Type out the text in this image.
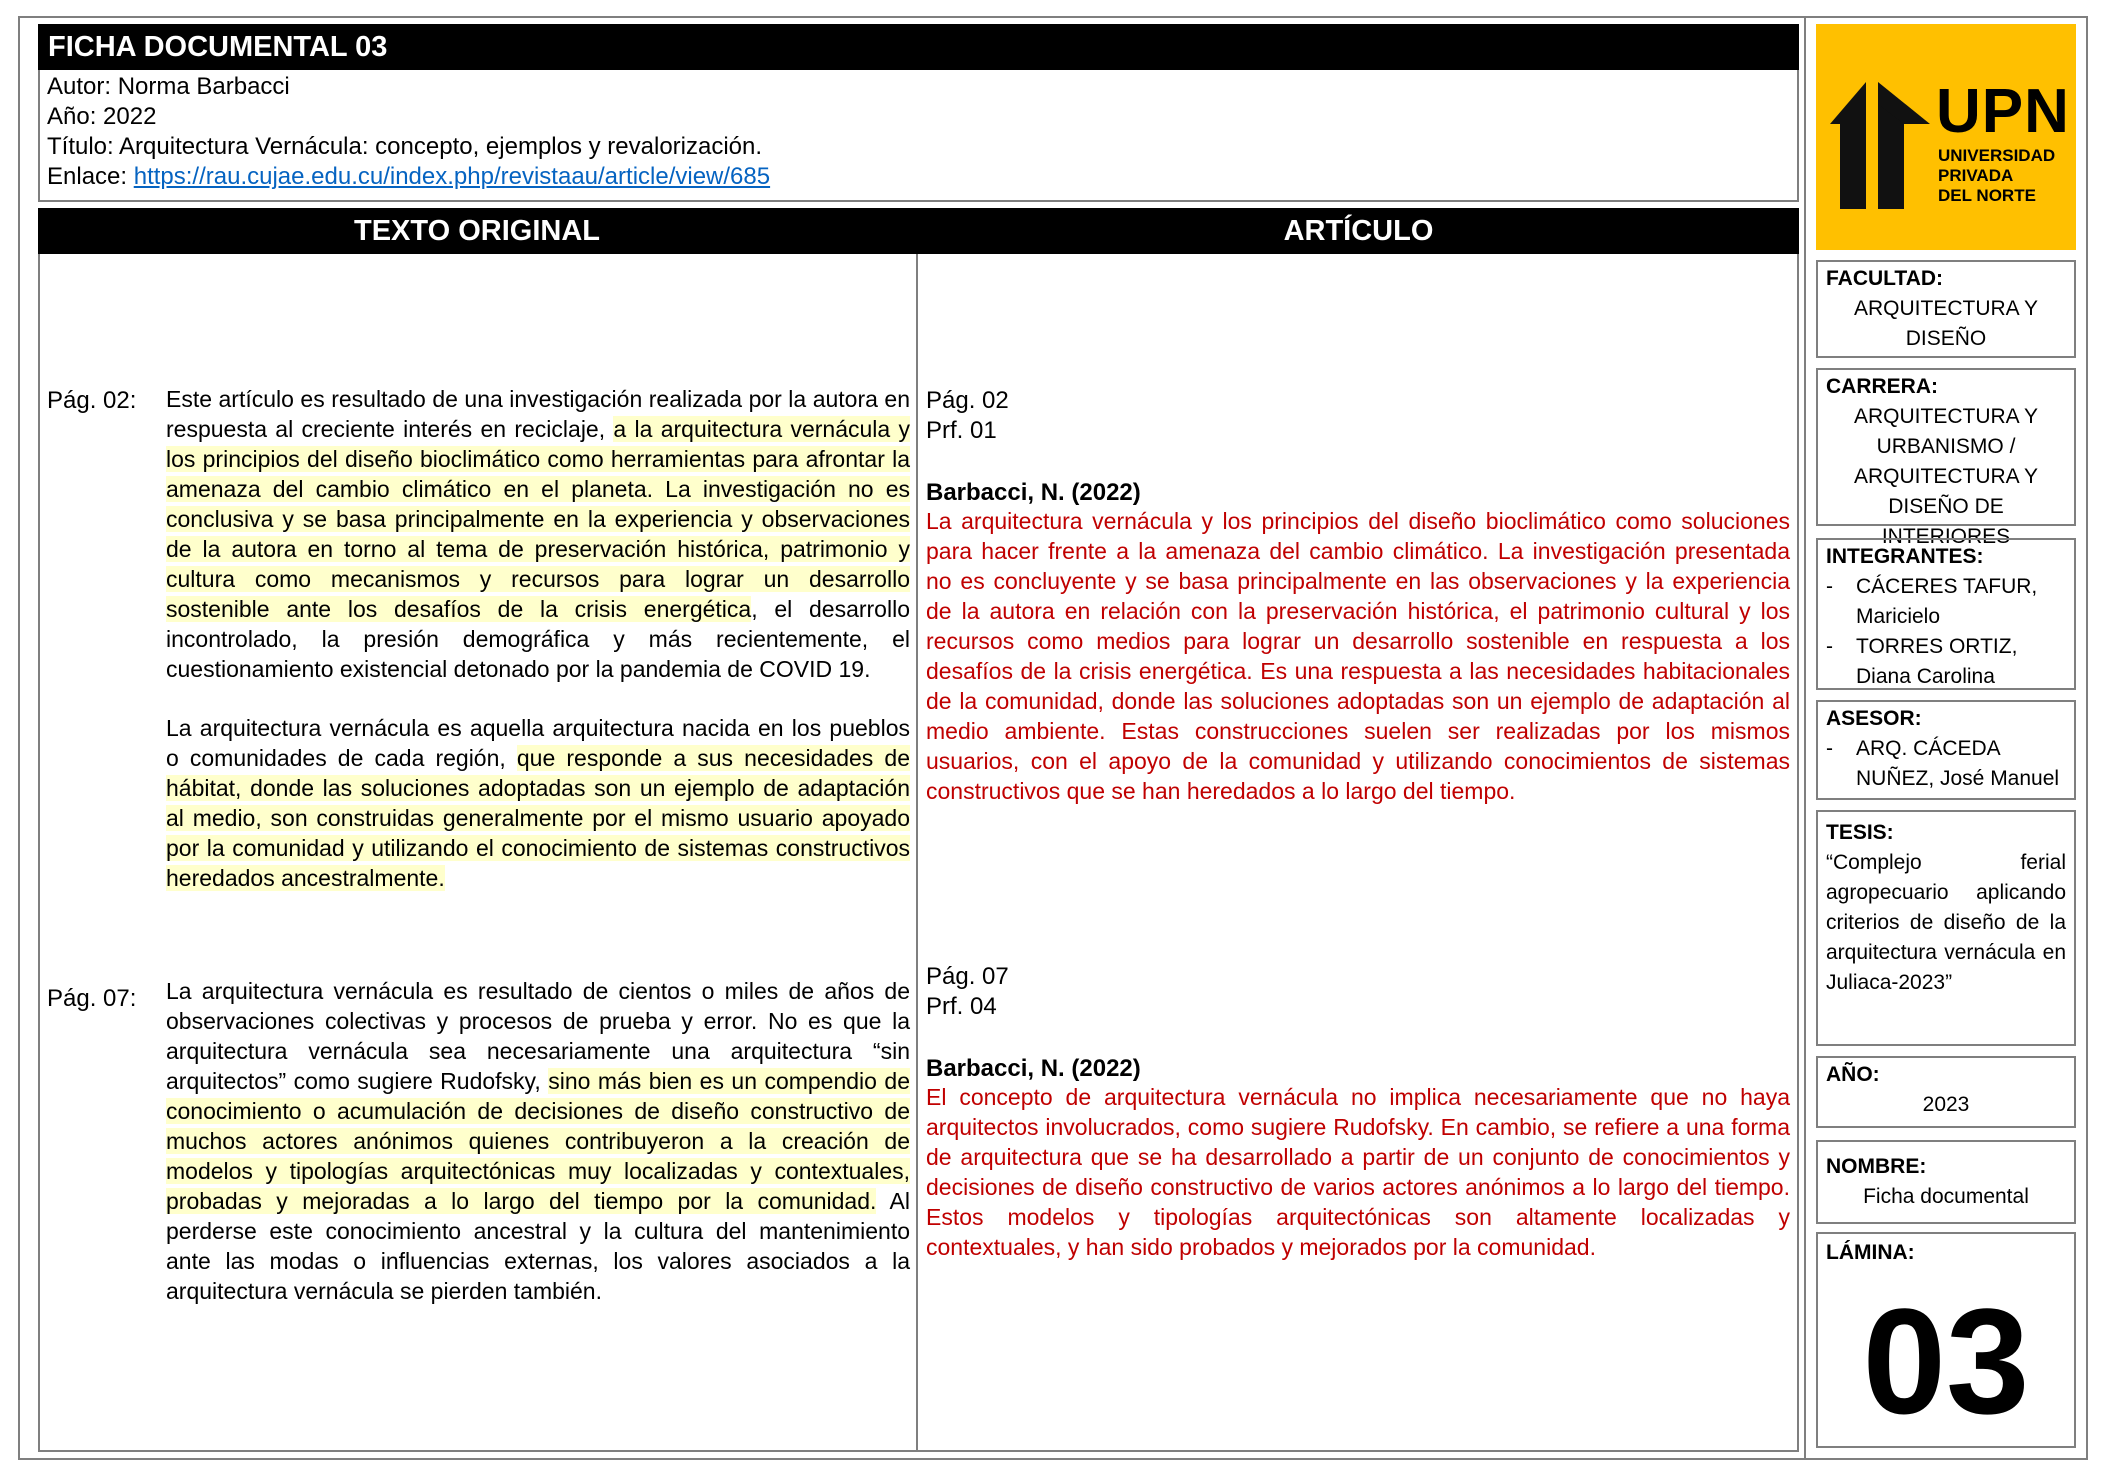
FICHA DOCUMENTAL 03
Autor: Norma Barbacci
Año: 2022
Título: Arquitectura Vernácula: concepto, ejemplos y revalorización.
Enlace: https://rau.cujae.edu.cu/index.php/revistaau/article/view/685
TEXTO ORIGINAL	ARTÍCULO
Pág. 02: Este artículo es resultado de una investigación realizada por la autora en respuesta al creciente interés en reciclaje, a la arquitectura vernácula y los principios del diseño bioclimático como herramientas para afrontar la amenaza del cambio climático en el planeta. La investigación no es conclusiva y se basa principalmente en la experiencia y observaciones de la autora en torno al tema de preservación histórica, patrimonio y cultura como mecanismos y recursos para lograr un desarrollo sostenible ante los desafíos de la crisis energética, el desarrollo incontrolado, la presión demográfica y más recientemente, el cuestionamiento existencial detonado por la pandemia de COVID 19.

La arquitectura vernácula es aquella arquitectura nacida en los pueblos o comunidades de cada región, que responde a sus necesidades de hábitat, donde las soluciones adoptadas son un ejemplo de adaptación al medio, son construidas generalmente por el mismo usuario apoyado por la comunidad y utilizando el conocimiento de sistemas constructivos heredados ancestralmente.

Pág. 02
Prf. 01
Barbacci, N. (2022)

La arquitectura vernácula y los principios del diseño bioclimático como soluciones para hacer frente a la amenaza del cambio climático. La investigación presentada no es concluyente y se basa principalmente en las observaciones y la experiencia de la autora en relación con la preservación histórica, el patrimonio cultural y los recursos como medios para lograr un desarrollo sostenible en respuesta a los desafíos de la crisis energética. Es una respuesta a las necesidades habitacionales de la comunidad, donde las soluciones adoptadas son un ejemplo de adaptación al medio ambiente. Estas construcciones suelen ser realizadas por los mismos usuarios, con el apoyo de la comunidad y utilizando conocimientos de sistemas constructivos que se han heredados a lo largo del tiempo.

Pág. 07: La arquitectura vernácula es resultado de cientos o miles de años de observaciones colectivas y procesos de prueba y error. No es que la arquitectura vernácula sea necesariamente una arquitectura “sin arquitectos” como sugiere Rudofsky, sino más bien es un compendio de conocimiento o acumulación de decisiones de diseño constructivo de muchos actores anónimos quienes contribuyeron a la creación de modelos y tipologías arquitectónicas muy localizadas y contextuales, probadas y mejoradas a lo largo del tiempo por la comunidad. Al perderse este conocimiento ancestral y la cultura del mantenimiento ante las modas o influencias externas, los valores asociados a la arquitectura vernácula se pierden también.

Pág. 07
Prf. 04
Barbacci, N. (2022)

El concepto de arquitectura vernácula no implica necesariamente que no haya arquitectos involucrados, como sugiere Rudofsky. En cambio, se refiere a una forma de arquitectura que se ha desarrollado a partir de un conjunto de conocimientos y decisiones de diseño constructivo de varios actores anónimos a lo largo del tiempo. Estos modelos y tipologías arquitectónicas son altamente localizadas y contextuales, y han sido probados y mejorados por la comunidad.

UPN
UNIVERSIDAD
PRIVADA
DEL NORTE
FACULTAD:
ARQUITECTURA Y DISEÑO
CARRERA:
ARQUITECTURA Y URBANISMO / ARQUITECTURA Y DISEÑO DE INTERIORES
INTEGRANTES:
-	CÁCERES TAFUR, Maricielo
-	TORRES ORTIZ, Diana Carolina
ASESOR:
-	ARQ. CÁCEDA NUÑEZ, José Manuel
TESIS:
“Complejo ferial agropecuario aplicando criterios de diseño de la arquitectura vernácula en Juliaca-2023”
AÑO:
2023
NOMBRE:
Ficha documental
LÁMINA:
03
